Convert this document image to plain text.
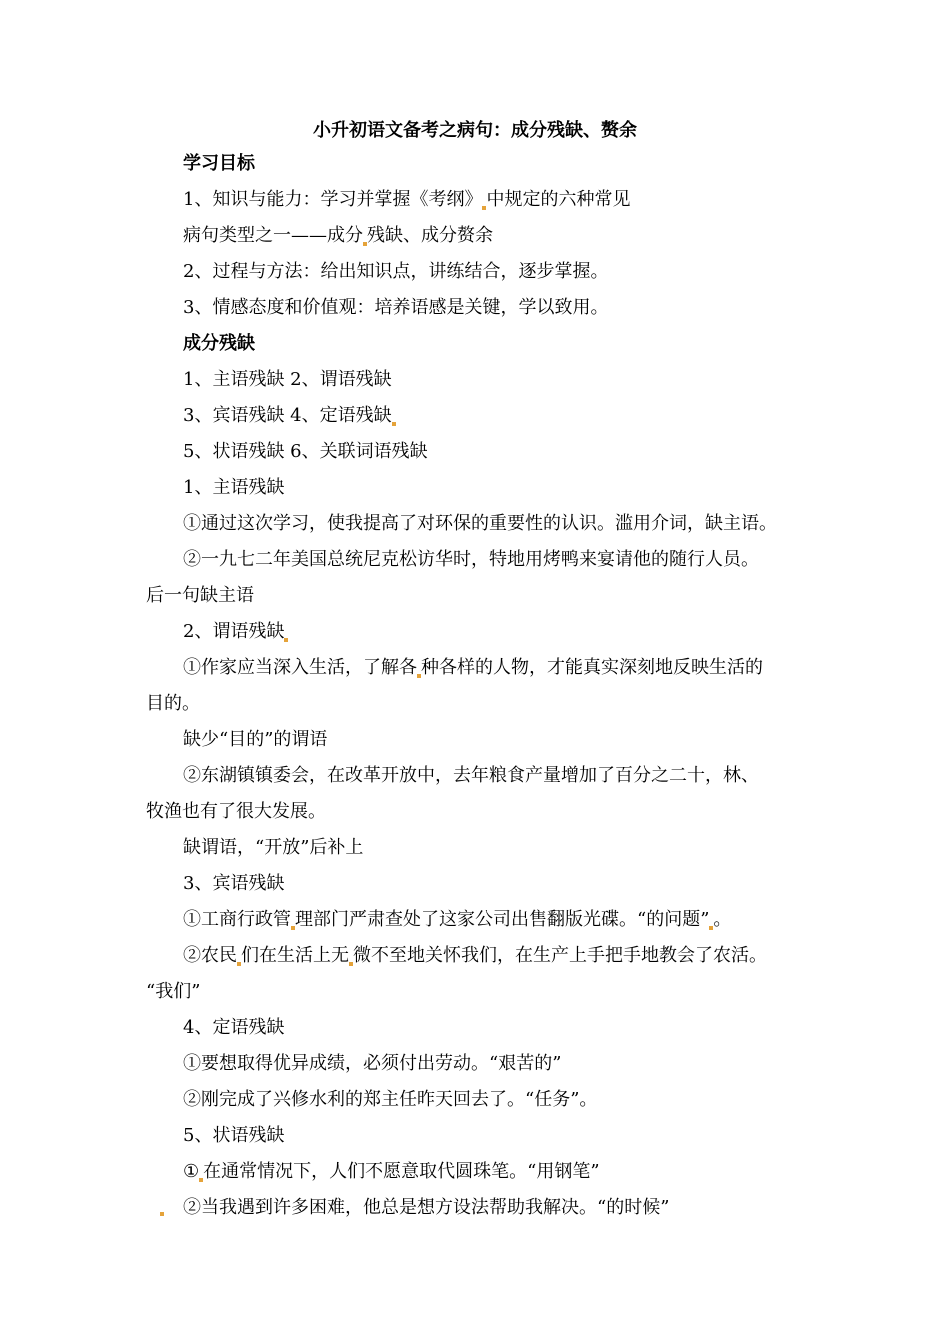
小升初语文备考之病句：成分残缺、赘余
学习目标
1、知识与能力：学习并掌握《考纲》 中规定的六种常见
病句类型之一——成分 残缺、成分赘余
2、过程与方法：给出知识点，讲练结合，逐步掌握。
3、情感态度和价值观：培养语感是关键，学以致用。
成分残缺
1、主语残缺 2、谓语残缺
3、宾语残缺 4、定语残缺
5、状语残缺 6、关联词语残缺
1、主语残缺
①通过这次学习，使我提高了对环保的重要性的认识。滥用介词，缺主语。
②一九七二年美国总统尼克松访华时，特地用烤鸭来宴请他的随行人员。
后一句缺主语
2、谓语残缺
①作家应当深入生活，了解各 种各样的人物，才能真实深刻地反映生活的
目的。
缺少“目的”的谓语
②东湖镇镇委会，在改革开放中，去年粮食产量增加了百分之二十，林、
牧渔也有了很大发展。
缺谓语，“开放”后补上
3、宾语残缺
①工商行政管 理部门严肃查处了这家公司出售翻版光碟。“的问题” 。
②农民 们在生活上无 微不至地关怀我们，在生产上手把手地教会了农活。
“我们”
4、定语残缺
①要想取得优异成绩，必须付出劳动。“艰苦的”
②刚完成了兴修水利的郑主任昨天回去了。“任务”。
5、状语残缺
① 在通常情况下，人们不愿意取代圆珠笔。“用钢笔”
②当我遇到许多困难，他总是想方设法帮助我解决。“的时候”
